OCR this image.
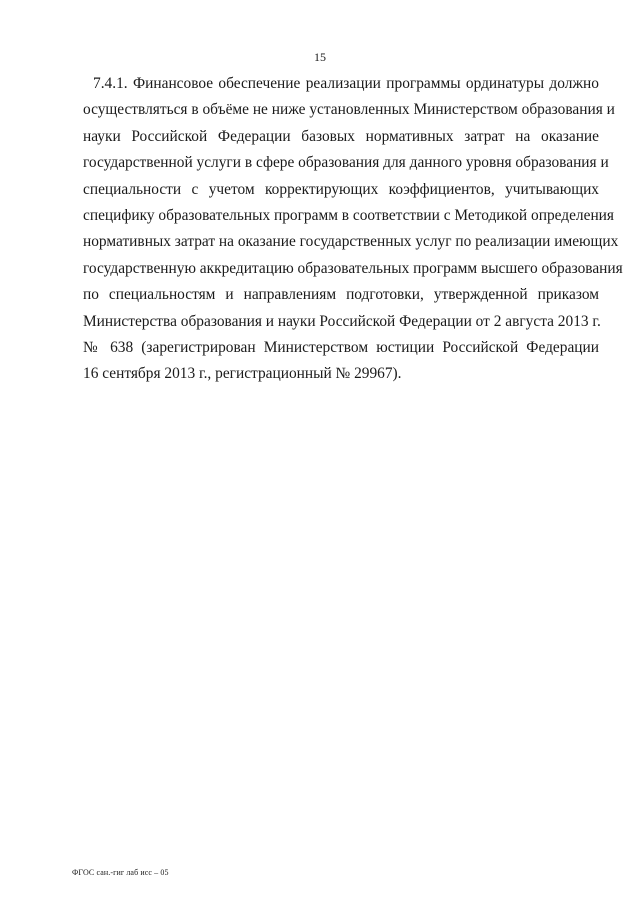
15
7.4.1. Финансовое обеспечение реализации программы ординатуры должно
осуществляться в объёме не ниже установленных Министерством образования и
науки Российской Федерации базовых нормативных затрат на оказание
государственной услуги в сфере образования для данного уровня образования и
специальности с учетом корректирующих коэффициентов, учитывающих
специфику образовательных программ в соответствии с Методикой определения
нормативных затрат на оказание государственных услуг по реализации имеющих
государственную аккредитацию образовательных программ высшего образования
по специальностям и направлениям подготовки, утвержденной приказом
Министерства образования и науки Российской Федерации от 2 августа 2013 г.
№ 638 (зарегистрирован Министерством юстиции Российской Федерации
16 сентября 2013 г., регистрационный № 29967).
ФГОС сан.-гиг лаб исс – 05
